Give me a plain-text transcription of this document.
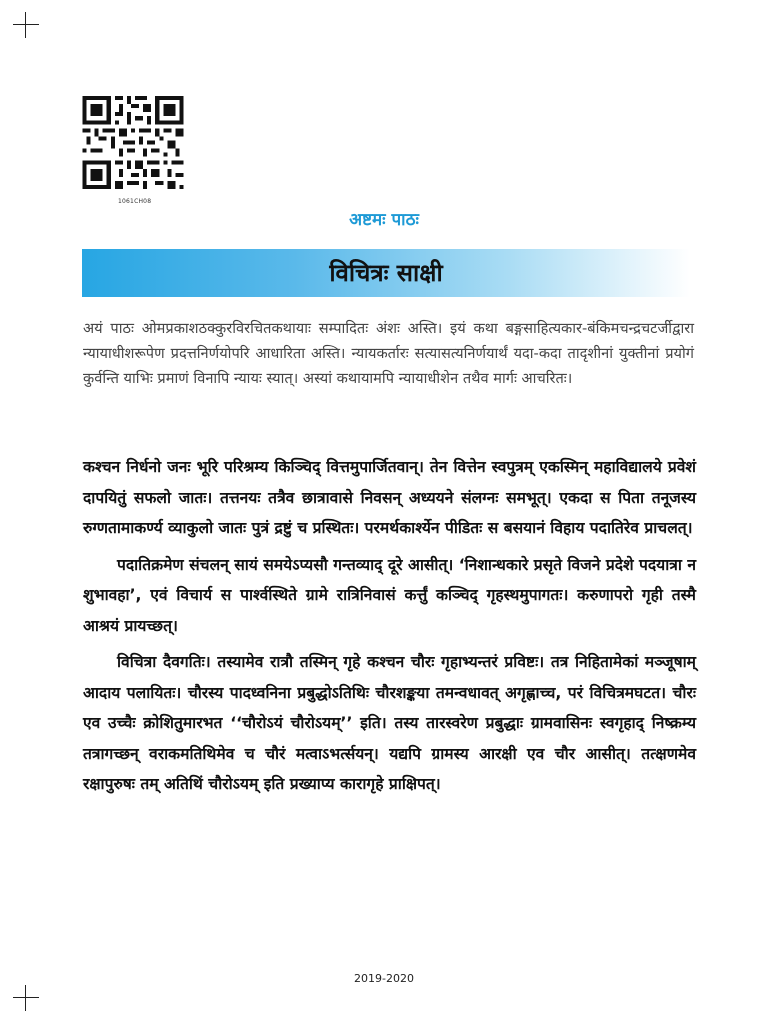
1061CH08
अष्टमः पाठः
विचित्रः साक्षी
अयं पाठः ओमप्रकाशठक्कुरविरचितकथायाः सम्पादितः अंशः अस्ति। इयं कथा बङ्गसाहित्यकार-बंकिमचन्द्रचटर्जीद्वारा न्यायाधीशरूपेण प्रदत्तनिर्णयोपरि आधारिता अस्ति। न्यायकर्तारः सत्यासत्यनिर्णयार्थं यदा-कदा तादृशीनां युक्तीनां प्रयोगं कुर्वन्ति याभिः प्रमाणं विनापि न्यायः स्यात्। अस्यां कथायामपि न्यायाधीशेन तथैव मार्गः आचरितः।

कश्चन निर्धनो जनः भूरि परिश्रम्य किञ्चिद् वित्तमुपार्जितवान्। तेन वित्तेन स्वपुत्रम् एकस्मिन् महाविद्यालये प्रवेशं दापयितुं सफलो जातः। तत्तनयः तत्रैव छात्रावासे निवसन् अध्ययने संलग्नः समभूत्। एकदा स पिता तनूजस्य रुग्णतामाकर्ण्य व्याकुलो जातः पुत्रं द्रष्टुं च प्रस्थितः। परमर्थकार्श्येन पीडितः स बसयानं विहाय पदातिरेव प्राचलत्।

पदातिक्रमेण संचलन् सायं समयेऽप्यसौ गन्तव्याद् दूरे आसीत्। ‘निशान्धकारे प्रसृते विजने प्रदेशे पदयात्रा न शुभावहा’, एवं विचार्य स पार्श्वस्थिते ग्रामे रात्रिनिवासं कर्त्तुं कञ्चिद् गृहस्थमुपागतः। करुणापरो गृही तस्मै आश्रयं प्रायच्छत्।

विचित्रा दैवगतिः। तस्यामेव रात्रौ तस्मिन् गृहे कश्चन चौरः गृहाभ्यन्तरं प्रविष्टः। तत्र निहितामेकां मञ्जूषाम् आदाय पलायितः। चौरस्य पादध्वनिना प्रबुद्धोऽतिथिः चौरशङ्कया तमन्वधावत् अगृह्णाच्च, परं विचित्रमघटत। चौरः एव उच्चैः क्रोशितुमारभत ‘‘चौरोऽयं चौरोऽयम्’’ इति। तस्य तारस्वरेण प्रबुद्धाः ग्रामवासिनः स्वगृहाद् निष्क्रम्य तत्रागच्छन् वराकमतिथिमेव च चौरं मत्वाऽभर्त्सयन्। यद्यपि ग्रामस्य आरक्षी एव चौर आसीत्। तत्क्षणमेव रक्षापुरुषः तम् अतिथिं चौरोऽयम् इति प्रख्याप्य कारागृहे प्राक्षिपत्।

2019-2020
